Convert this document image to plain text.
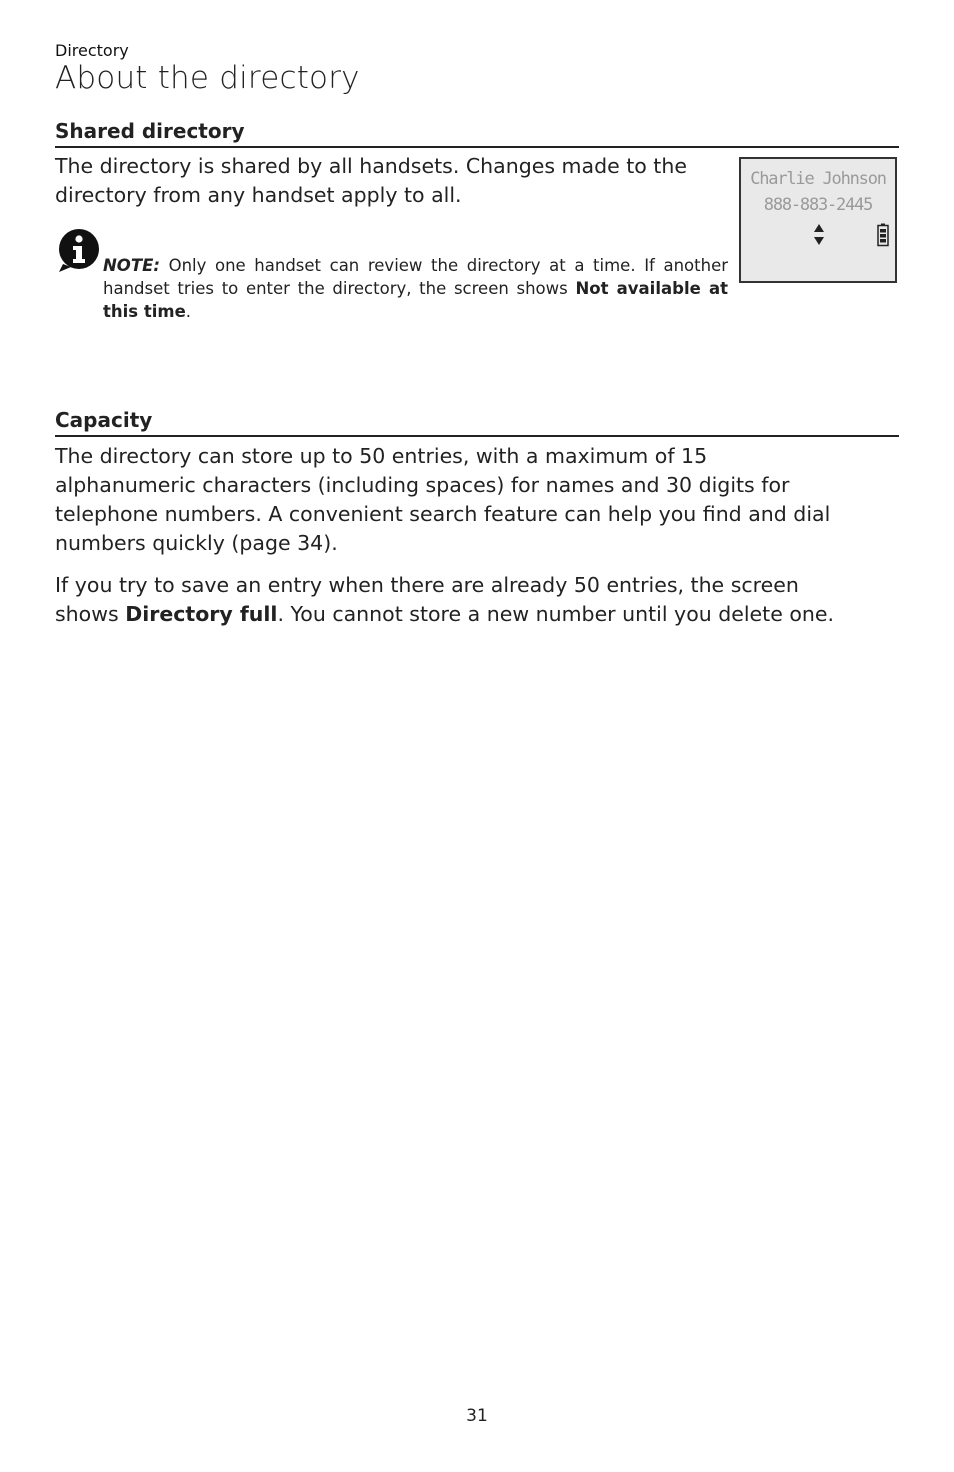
Directory
About the directory
Shared directory
The directory is shared by all handsets. Changes made to the
directory from any handset apply to all.
Charlie Johnson
888-883-2445
NOTE: Only one handset can review the directory at a time. If another handset tries to enter the directory, the screen shows Not available at this time.
Capacity
The directory can store up to 50 entries, with a maximum of 15
alphanumeric characters (including spaces) for names and 30 digits for
telephone numbers. A convenient search feature can help you find and dial
numbers quickly (page 34).
If you try to save an entry when there are already 50 entries, the screen
shows Directory full. You cannot store a new number until you delete one.
31
